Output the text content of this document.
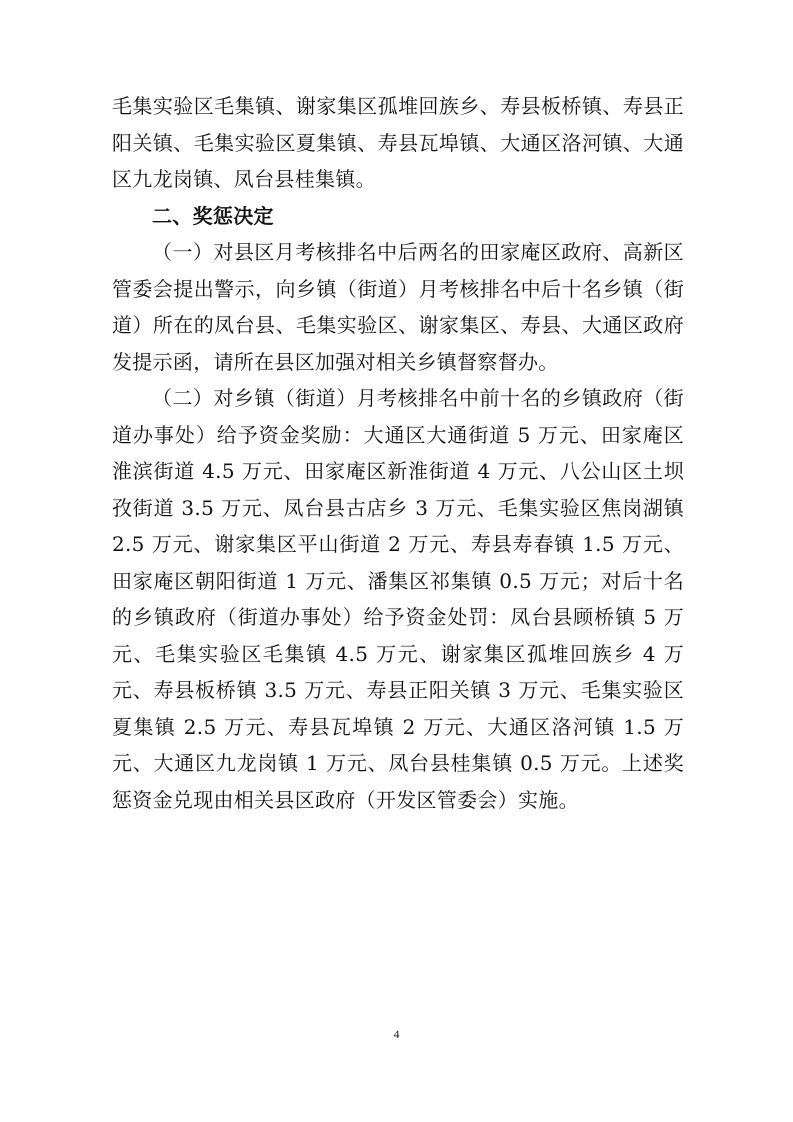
毛集实验区毛集镇、谢家集区孤堆回族乡、寿县板桥镇、寿县正阳关镇、毛集实验区夏集镇、寿县瓦埠镇、大通区洛河镇、大通区九龙岗镇、凤台县桂集镇。

二、奖惩决定

（一）对县区月考核排名中后两名的田家庵区政府、高新区管委会提出警示，向乡镇（街道）月考核排名中后十名乡镇（街道）所在的凤台县、毛集实验区、谢家集区、寿县、大通区政府发提示函，请所在县区加强对相关乡镇督察督办。

（二）对乡镇（街道）月考核排名中前十名的乡镇政府（街道办事处）给予资金奖励：大通区大通街道 5 万元、田家庵区淮滨街道 4.5 万元、田家庵区新淮街道 4 万元、八公山区土坝孜街道 3.5 万元、凤台县古店乡 3 万元、毛集实验区焦岗湖镇 2.5 万元、谢家集区平山街道 2 万元、寿县寿春镇 1.5 万元、田家庵区朝阳街道 1 万元、潘集区祁集镇 0.5 万元；对后十名的乡镇政府（街道办事处）给予资金处罚：凤台县顾桥镇 5 万元、毛集实验区毛集镇 4.5 万元、谢家集区孤堆回族乡 4 万元、寿县板桥镇 3.5 万元、寿县正阳关镇 3 万元、毛集实验区夏集镇 2.5 万元、寿县瓦埠镇 2 万元、大通区洛河镇 1.5 万元、大通区九龙岗镇 1 万元、凤台县桂集镇 0.5 万元。上述奖惩资金兑现由相关县区政府（开发区管委会）实施。

4
